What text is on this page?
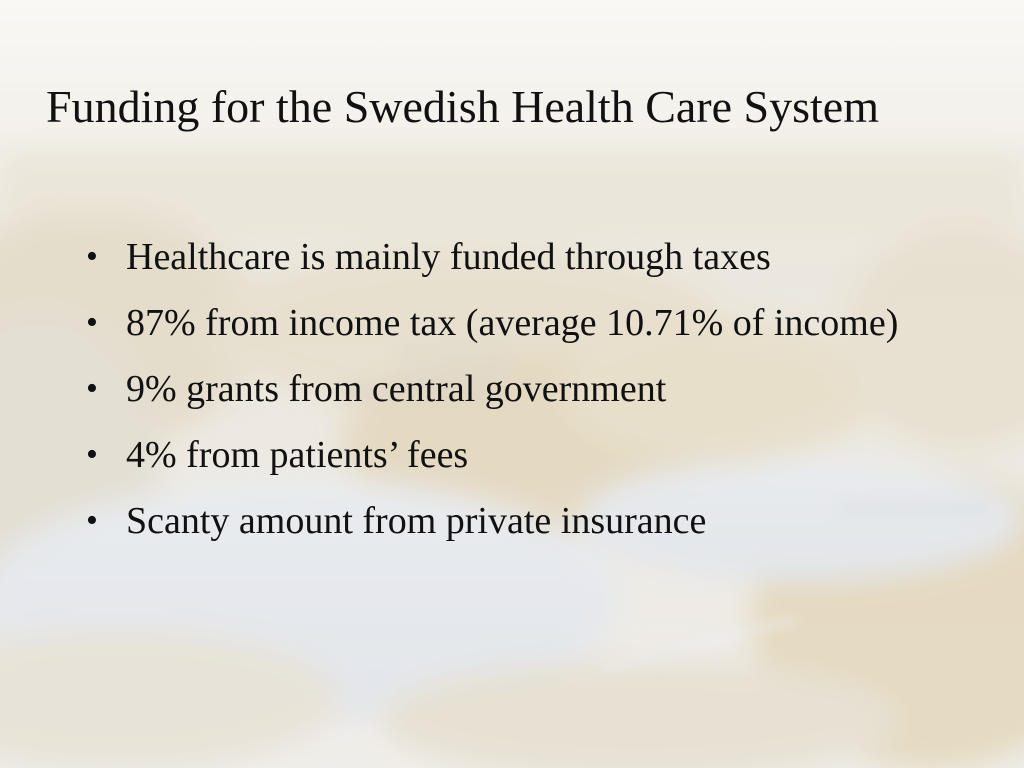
Funding for the Swedish Health Care System
• Healthcare is mainly funded through taxes
• 87% from income tax (average 10.71% of income)
• 9% grants from central government
• 4% from patients’ fees
• Scanty amount from private insurance
